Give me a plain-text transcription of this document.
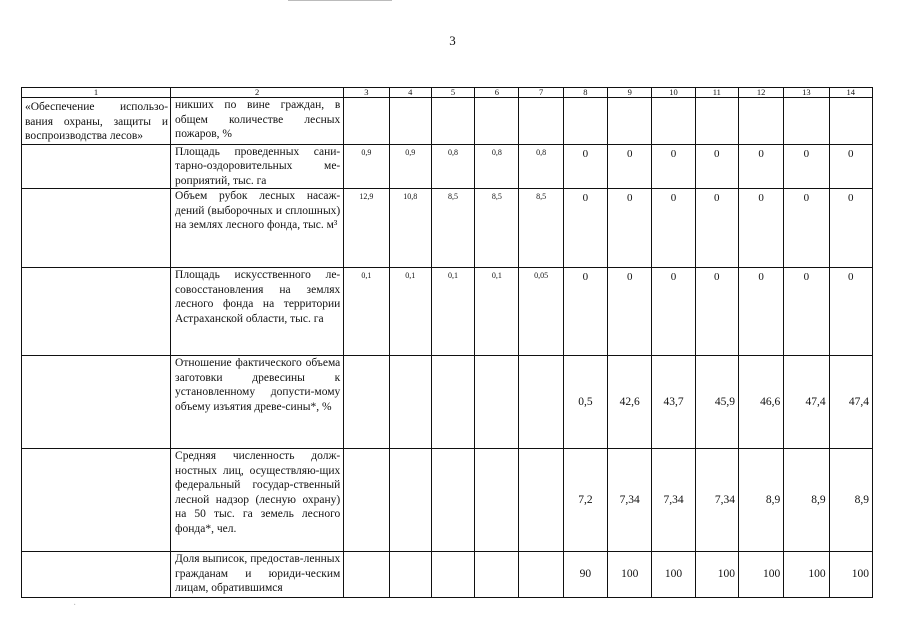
3
·
1	2	3	4	5	6	7	8	9	10	11	12	13	14
«Обеспечение использо-вания охраны, защиты и воспроизводства лесов»	никших по вине граждан, в общем количестве лесных пожаров, %												
	Площадь проведенных сани-тарно-оздоровительных ме-роприятий, тыс. га	0,9	0,9	0,8	0,8	0,8	0	0	0	0	0	0	0
	Объем рубок лесных насаж-дений (выборочных и сплошных) на землях лесного фонда, тыс. м³	12,9	10,8	8,5	8,5	8,5	0	0	0	0	0	0	0
	Площадь искусственного ле-совосстановления на землях лесного фонда на территории Астраханской области, тыс. га	0,1	0,1	0,1	0,1	0,05	0	0	0	0	0	0	0
	Отношение фактического объема заготовки древесины к установленному допусти-мому объему изъятия древе-сины*, %						0,5	42,6	43,7	45,9	46,6	47,4	47,4
	Средняя численность долж-ностных лиц, осуществляю-щих федеральный государ-ственный лесной надзор (лесную охрану) на 50 тыс. га земель лесного фонда*, чел.						7,2	7,34	7,34	7,34	8,9	8,9	8,9
	Доля выписок, предостав-ленных гражданам и юриди-ческим лицам, обратившимся						90	100	100	100	100	100	100
